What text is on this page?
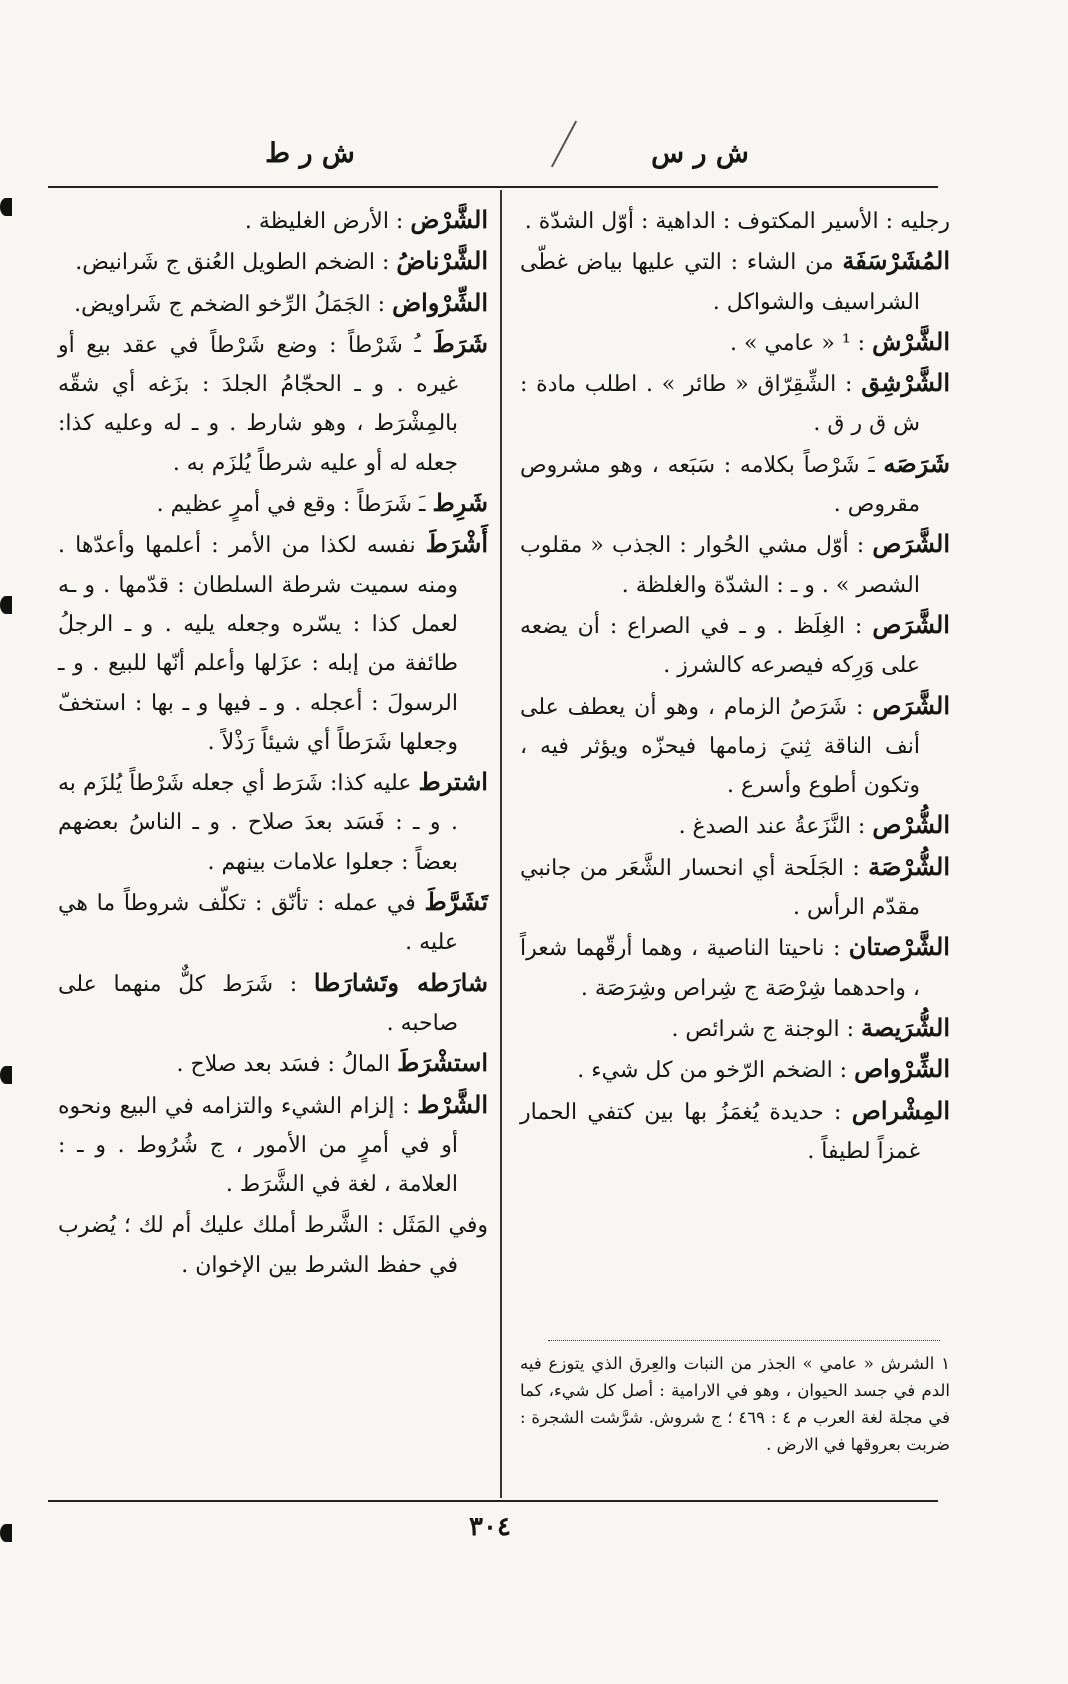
ش ر ط	ش ر س

رجليه : الأسير المكتوف : الداهية : أوّل الشدّة .

المُشَرْسَفَة من الشاء : التي عليها بياض غطّى الشراسيف والشواكل .

الشَّرْش : ¹ « عامي » .

الشَّرْشِق : الشِّقِرّاق « طائر » . اطلب مادة : ش ق ر ق .

شَرَصَه ـَ شَرْصاً بكلامه : سَبَعه ، وهو مشروص مقروص .

الشَّرَص : أوّل مشي الحُوار : الجذب « مقلوب الشصر » . و ـ : الشدّة والغلظة .

الشَّرَص : الغِلَظ . و ـ في الصراع : أن يضعه على وَرِكه فيصرعه كالشرز .

الشَّرَص : شَرَصُ الزمام ، وهو أن يعطف على أنف الناقة ثِنيَ زمامها فيحزّه ويؤثر فيه ، وتكون أطوع وأسرع .

الشُّرْص : النَّزَعةُ عند الصدغ .

الشُّرْصَة : الجَلَحة أي انحسار الشَّعَر من جانبي مقدّم الرأس .

الشَّرْصتان : ناحيتا الناصية ، وهما أرقّهما شعراً ، واحدهما شِرْصَة ج شِراص وشِرَصَة .

الشُّرَيصة : الوجنة ج شرائص .

الشِّرْواص : الضخم الرّخو من كل شيء .

المِشْراص : حديدة يُغمَزُ بها بين كتفي الحمار غمزاً لطيفاً .

الشَّرْض : الأرض الغليظة .

الشَّرْناضُ : الضخم الطويل العُنق ج شَرانيض.

الشِّرْواض : الجَمَلُ الرِّخو الضخم ج شَراويض.

شَرَطَ ـُ شَرْطاً : وضع شَرْطاً في عقد بيع أو غيره . و ـ الحجّامُ الجلدَ : بزَغه أي شقّه بالمِشْرَط ، وهو شارط . و ـ له وعليه كذا: جعله له أو عليه شرطاً يُلزَم به .

شَرِط ـَ شَرَطاً : وقع في أمرٍ عظيم .

أَشْرَطَ نفسه لكذا من الأمر : أعلمها وأعدّها . ومنه سميت شرطة السلطان : قدّمها . و ـه لعمل كذا : يسّره وجعله يليه . و ـ الرجلُ طائفة من إبله : عزَلها وأعلم أنّها للبيع . و ـ الرسولَ : أعجله . و ـ فيها و ـ بها : استخفّ وجعلها شَرَطاً أي شيئاً رَذْلاً .

اشترط عليه كذا: شَرَط أي جعله شَرْطاً يُلزَم به . و ـ : فَسَد بعدَ صلاح . و ـ الناسُ بعضهم بعضاً : جعلوا علامات بينهم .

تَشَرَّطَ في عمله : تأنّق : تكلّف شروطاً ما هي عليه .

شارَطه وتَشارَطا : شَرَط كلٌّ منهما على صاحبه .

استشْرَطَ المالُ : فسَد بعد صلاح .

الشَّرْط : إلزام الشيء والتزامه في البيع ونحوه أو في أمرٍ من الأمور ، ج شُرُوط . و ـ : العلامة ، لغة في الشَّرَط .

وفي المَثَل : الشَّرط أملك عليك أم لك ؛ يُضرب في حفظ الشرط بين الإخوان .

١ الشرش « عامي » الجذر من النبات والعِرق الذي يتوزع فيه الدم في جسد الحيوان ، وهو في الارامية : أصل كل شيء، كما في مجلة لغة العرب م ٤ : ٤٦٩ ؛ ج شروش. شرَّشت الشجرة : ضربت بعروقها في الارض .
٣٠٤
